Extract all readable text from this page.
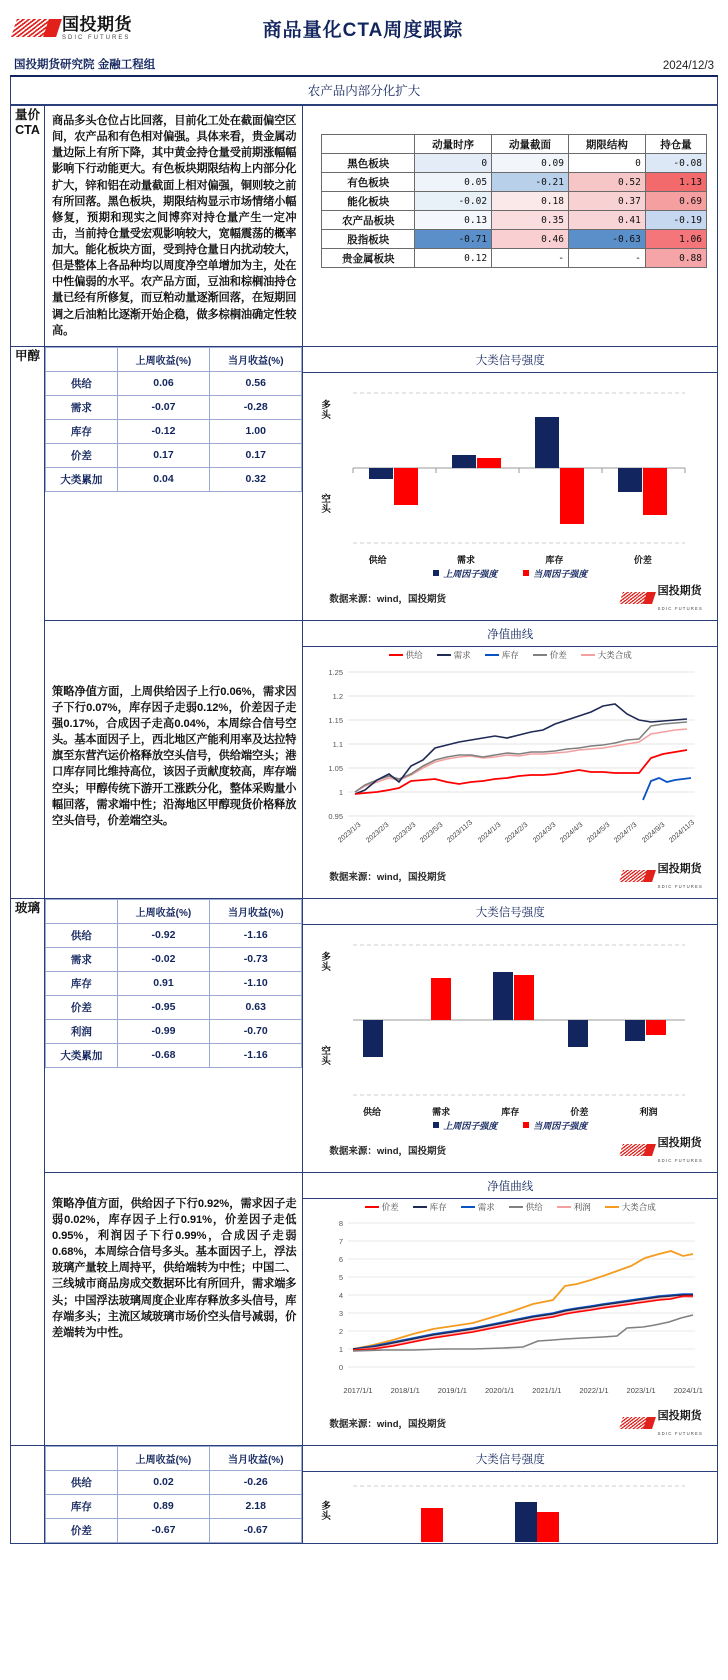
国投期货
SDIC FUTURES	商品量化CTA周度跟踪
国投期货研究院 金融工程组	2024/12/3
农产品内部分化扩大
量价CTA	
商品多头仓位占比回落，目前化工处在截面偏空区间，农产品和有色相对偏强。具体来看，贵金属动量边际上有所下降，其中黄金持仓量受前期涨幅幅影响下行动能更大。有色板块期限结构上内部分化扩大，锌和铝在动量截面上相对偏强，铜则较之前有所回落。黑色板块，期限结构显示市场情绪小幅修复，预期和现实之间博弈对持仓量产生一定冲击，当前持仓量受宏观影响较大，宽幅震荡的概率加大。能化板块方面，受到持仓量日内扰动较大，但是整体上各品种均以周度净空单增加为主，处在中性偏弱的水平。农产品方面，豆油和棕榈油持仓量已经有所修复，而豆粕动量逐渐回落，在短期回调之后油粕比逐渐开始企稳，做多棕榈油确定性较高。

	动量时序	动量截面	期限结构	持仓量
黑色板块	0	0.09	0	-0.08
有色板块	0.05	-0.21	0.52	1.13
能化板块	-0.02	0.18	0.37	0.69
农产品板块	0.13	0.35	0.41	-0.19
股指板块	-0.71	0.46	-0.63	1.06
贵金属板块	0.12	-	-	0.88

甲醇	
		上周收益(%)	当月收益(%)
供给	0.06	0.56
需求	-0.07	-0.28
库存	-0.12	1.00
价差	0.17	0.17
大类累加	0.04	0.32

大类信号强度
多
头
空
头
供给	需求	库存	价差
上周因子强度	当周因子强度
数据来源：wind，国投期货
国投期货
SDIC FUTURES

策略净值方面，上周供给因子上行0.06%，需求因子下行0.07%，库存因子走弱0.12%，价差因子走强0.17%，合成因子走高0.04%，本周综合信号空头。基本面因子上，西北地区产能利用率及达拉特旗至东营汽运价格释放空头信号，供给端空头；港口库存同比维持高位，该因子贡献度较高，库存端空头；甲醇传统下游开工涨跌分化，整体采购量小幅回落，需求端中性；沿海地区甲醇现货价格释放空头信号，价差端空头。

净值曲线
供给	需求	库存	价差	大类合成
1.25
1.2
1.15
1.1
1.05
1
0.95
2023/1/3 2023/2/3 2023/3/3 2023/5/3 2023/11/3 2024/1/3 2024/2/3 2024/3/3 2024/4/3 2024/5/3 2024/7/3 2024/9/3 2024/11/3
数据来源：wind，国投期货
国投期货
SDIC FUTURES

玻璃	
		上周收益(%)	当月收益(%)
供给	-0.92	-1.16
需求	-0.02	-0.73
库存	0.91	-1.10
价差	-0.95	0.63
利润	-0.99	-0.70
大类累加	-0.68	-1.16

大类信号强度
多
头
空
头
供给	需求	库存	价差	利润
上周因子强度	当周因子强度
数据来源：wind，国投期货
国投期货
SDIC FUTURES

策略净值方面，供给因子下行0.92%，需求因子走弱0.02%，库存因子上行0.91%，价差因子走低0.95%，利润因子下行0.99%，合成因子走弱0.68%，本周综合信号多头。基本面因子上，浮法玻璃产量较上周持平，供给端转为中性；中国二、三线城市商品房成交数据环比有所回升，需求端多头；中国浮法玻璃周度企业库存释放多头信号，库存端多头；主流区域玻璃市场价空头信号减弱，价差端转为中性。

净值曲线
价差	库存	需求	供给	利润	大类合成
8
7
6
5
4
3
2
1
0
2017/1/1 2018/1/1 2019/1/1 2020/1/1 2021/1/1 2022/1/1 2023/1/1 2024/1/1
数据来源：wind，国投期货
国投期货
SDIC FUTURES

	上周收益(%)	当月收益(%)
供给	0.02	-0.26
库存	0.89	2.18
价差	-0.67	-0.67

大类信号强度
多
头
